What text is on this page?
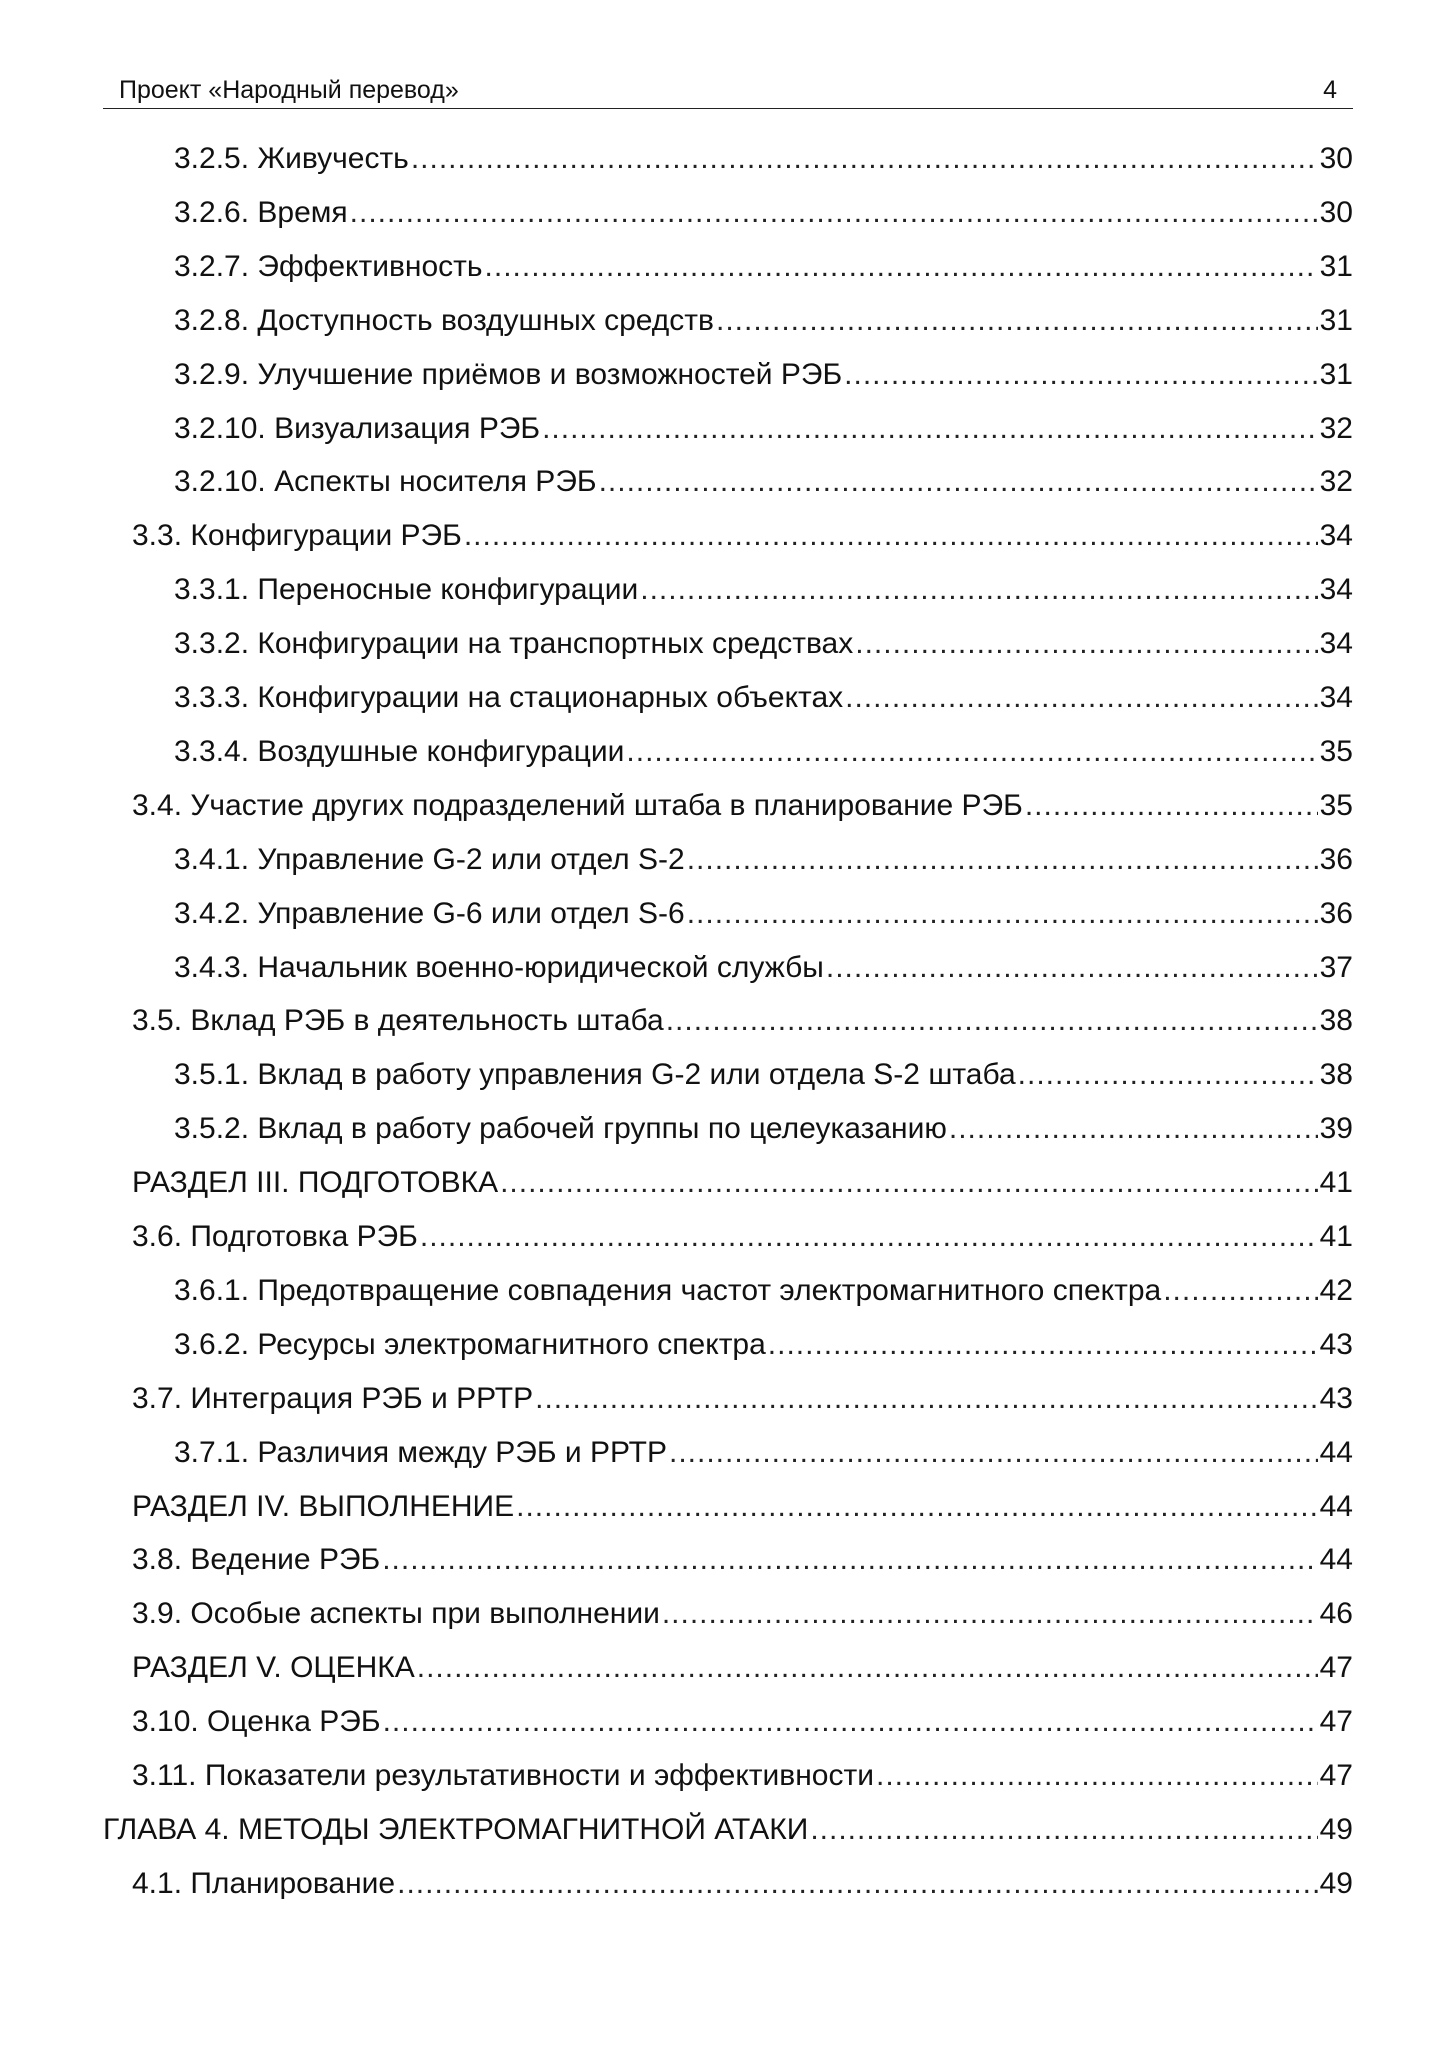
Проект «Народный перевод»	4
3.2.5. Живучесть .....	30
3.2.6. Время .....	30
3.2.7. Эффективность .....	31
3.2.8. Доступность воздушных средств .....	31
3.2.9. Улучшение приёмов и возможностей РЭБ .....	31
3.2.10. Визуализация РЭБ .....	32
3.2.10. Аспекты носителя РЭБ .....	32
3.3. Конфигурации РЭБ .....	34
3.3.1. Переносные конфигурации .....	34
3.3.2. Конфигурации на транспортных средствах .....	34
3.3.3. Конфигурации на стационарных объектах .....	34
3.3.4. Воздушные конфигурации .....	35
3.4. Участие других подразделений штаба в планирование РЭБ .....	35
3.4.1. Управление G-2 или отдел S-2 .....	36
3.4.2. Управление G-6 или отдел S-6 .....	36
3.4.3. Начальник военно-юридической службы .....	37
3.5. Вклад РЭБ в деятельность штаба .....	38
3.5.1. Вклад в работу управления G-2 или отдела S-2 штаба .....	38
3.5.2. Вклад в работу рабочей группы по целеуказанию .....	39
РАЗДЕЛ III. ПОДГОТОВКА .....	41
3.6. Подготовка РЭБ .....	41
3.6.1. Предотвращение совпадения частот электромагнитного спектра .....	42
3.6.2. Ресурсы электромагнитного спектра .....	43
3.7. Интеграция РЭБ и РРТР .....	43
3.7.1. Различия между РЭБ и РРТР .....	44
РАЗДЕЛ IV. ВЫПОЛНЕНИЕ .....	44
3.8. Ведение РЭБ .....	44
3.9. Особые аспекты при выполнении .....	46
РАЗДЕЛ V. ОЦЕНКА .....	47
3.10. Оценка РЭБ .....	47
3.11. Показатели результативности и эффективности .....	47
ГЛАВА 4. МЕТОДЫ ЭЛЕКТРОМАГНИТНОЙ АТАКИ .....	49
4.1. Планирование .....	49
